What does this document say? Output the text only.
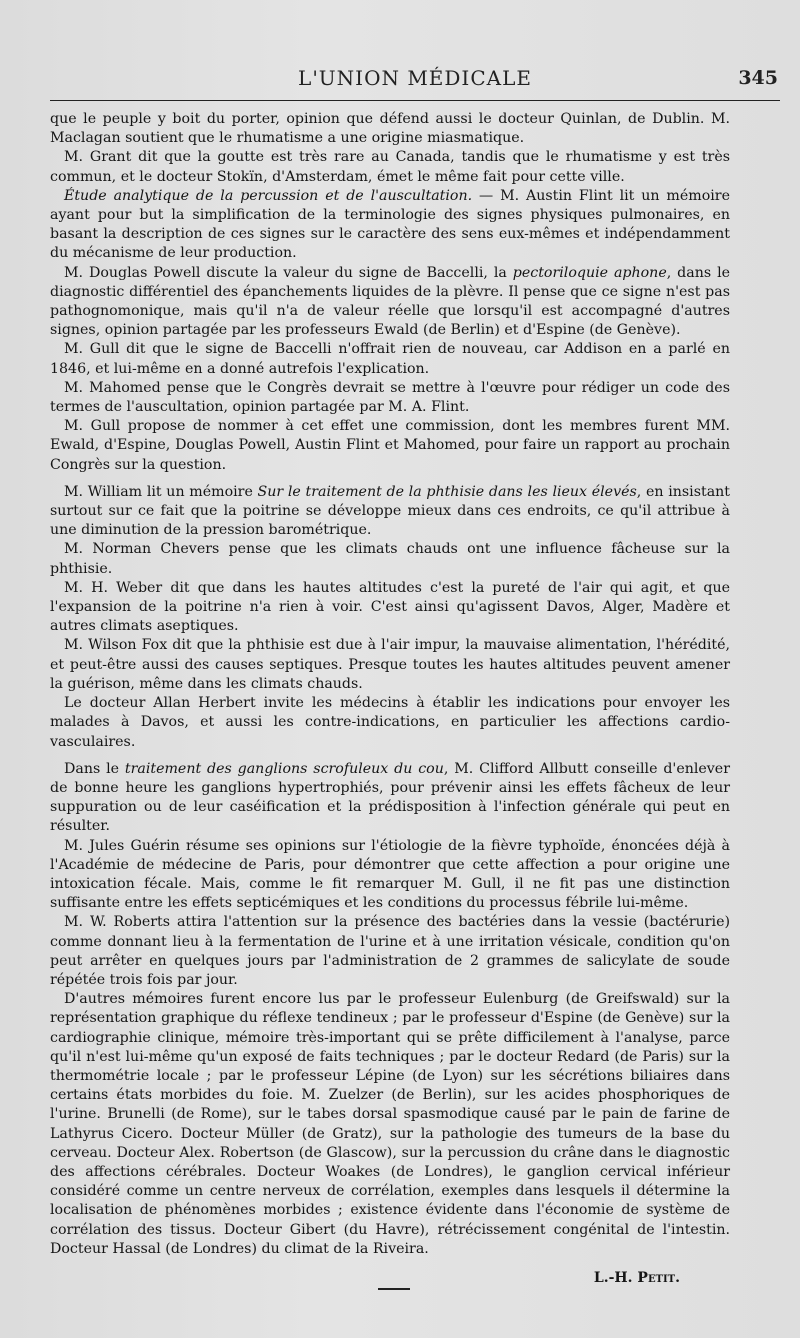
L'UNION MÉDICALE	345

que le peuple y boit du porter, opinion que défend aussi le docteur Quinlan, de Dublin. M. Maclagan soutient que le rhumatisme a une origine miasmatique.

M. Grant dit que la goutte est très rare au Canada, tandis que le rhumatisme y est très commun, et le docteur Stokïn, d'Amsterdam, émet le même fait pour cette ville.

Étude analytique de la percussion et de l'auscultation. — M. Austin Flint lit un mémoire ayant pour but la simplification de la terminologie des signes physiques pulmonaires, en basant la description de ces signes sur le caractère des sens eux-mêmes et indépendamment du mécanisme de leur production.

M. Douglas Powell discute la valeur du signe de Baccelli, la pectoriloquie aphone, dans le diagnostic différentiel des épanchements liquides de la plèvre. Il pense que ce signe n'est pas pathognomonique, mais qu'il n'a de valeur réelle que lorsqu'il est accompagné d'autres signes, opinion partagée par les professeurs Ewald (de Berlin) et d'Espine (de Genève).

M. Gull dit que le signe de Baccelli n'offrait rien de nouveau, car Addison en a parlé en 1846, et lui-même en a donné autrefois l'explication.

M. Mahomed pense que le Congrès devrait se mettre à l'œuvre pour rédiger un code des termes de l'auscultation, opinion partagée par M. A. Flint.

M. Gull propose de nommer à cet effet une commission, dont les membres furent MM. Ewald, d'Espine, Douglas Powell, Austin Flint et Mahomed, pour faire un rapport au prochain Congrès sur la question.

M. William lit un mémoire Sur le traitement de la phthisie dans les lieux élevés, en insistant surtout sur ce fait que la poitrine se développe mieux dans ces endroits, ce qu'il attribue à une diminution de la pression barométrique.

M. Norman Chevers pense que les climats chauds ont une influence fâcheuse sur la phthisie.

M. H. Weber dit que dans les hautes altitudes c'est la pureté de l'air qui agit, et que l'expansion de la poitrine n'a rien à voir. C'est ainsi qu'agissent Davos, Alger, Madère et autres climats aseptiques.

M. Wilson Fox dit que la phthisie est due à l'air impur, la mauvaise alimentation, l'hérédité, et peut-être aussi des causes septiques. Presque toutes les hautes altitudes peuvent amener la guérison, même dans les climats chauds.

Le docteur Allan Herbert invite les médecins à établir les indications pour envoyer les malades à Davos, et aussi les contre-indications, en particulier les affections cardio-vasculaires.

Dans le traitement des ganglions scrofuleux du cou, M. Clifford Allbutt conseille d'enlever de bonne heure les ganglions hypertrophiés, pour prévenir ainsi les effets fâcheux de leur suppuration ou de leur caséification et la prédisposition à l'infection générale qui peut en résulter.

M. Jules Guérin résume ses opinions sur l'étiologie de la fièvre typhoïde, énoncées déjà à l'Académie de médecine de Paris, pour démontrer que cette affection a pour origine une intoxication fécale. Mais, comme le fit remarquer M. Gull, il ne fit pas une distinction suffisante entre les effets septicémiques et les conditions du processus fébrile lui-même.

M. W. Roberts attira l'attention sur la présence des bactéries dans la vessie (bactérurie) comme donnant lieu à la fermentation de l'urine et à une irritation vésicale, condition qu'on peut arrêter en quelques jours par l'administration de 2 grammes de salicylate de soude répétée trois fois par jour.

D'autres mémoires furent encore lus par le professeur Eulenburg (de Greifswald) sur la représentation graphique du réflexe tendineux ; par le professeur d'Espine (de Genève) sur la cardiographie clinique, mémoire très-important qui se prête difficilement à l'analyse, parce qu'il n'est lui-même qu'un exposé de faits techniques ; par le docteur Redard (de Paris) sur la thermométrie locale ; par le professeur Lépine (de Lyon) sur les sécrétions biliaires dans certains états morbides du foie. M. Zuelzer (de Berlin), sur les acides phosphoriques de l'urine. Brunelli (de Rome), sur le tabes dorsal spasmodique causé par le pain de farine de Lathyrus Cicero. Docteur Müller (de Gratz), sur la pathologie des tumeurs de la base du cerveau. Docteur Alex. Robertson (de Glascow), sur la percussion du crâne dans le diagnostic des affections cérébrales. Docteur Woakes (de Londres), le ganglion cervical inférieur considéré comme un centre nerveux de corrélation, exemples dans lesquels il détermine la localisation de phénomènes morbides ; existence évidente dans l'économie de système de corrélation des tissus. Docteur Gibert (du Havre), rétrécissement congénital de l'intestin. Docteur Hassal (de Londres) du climat de la Riveira.

L.-H. Petit.
